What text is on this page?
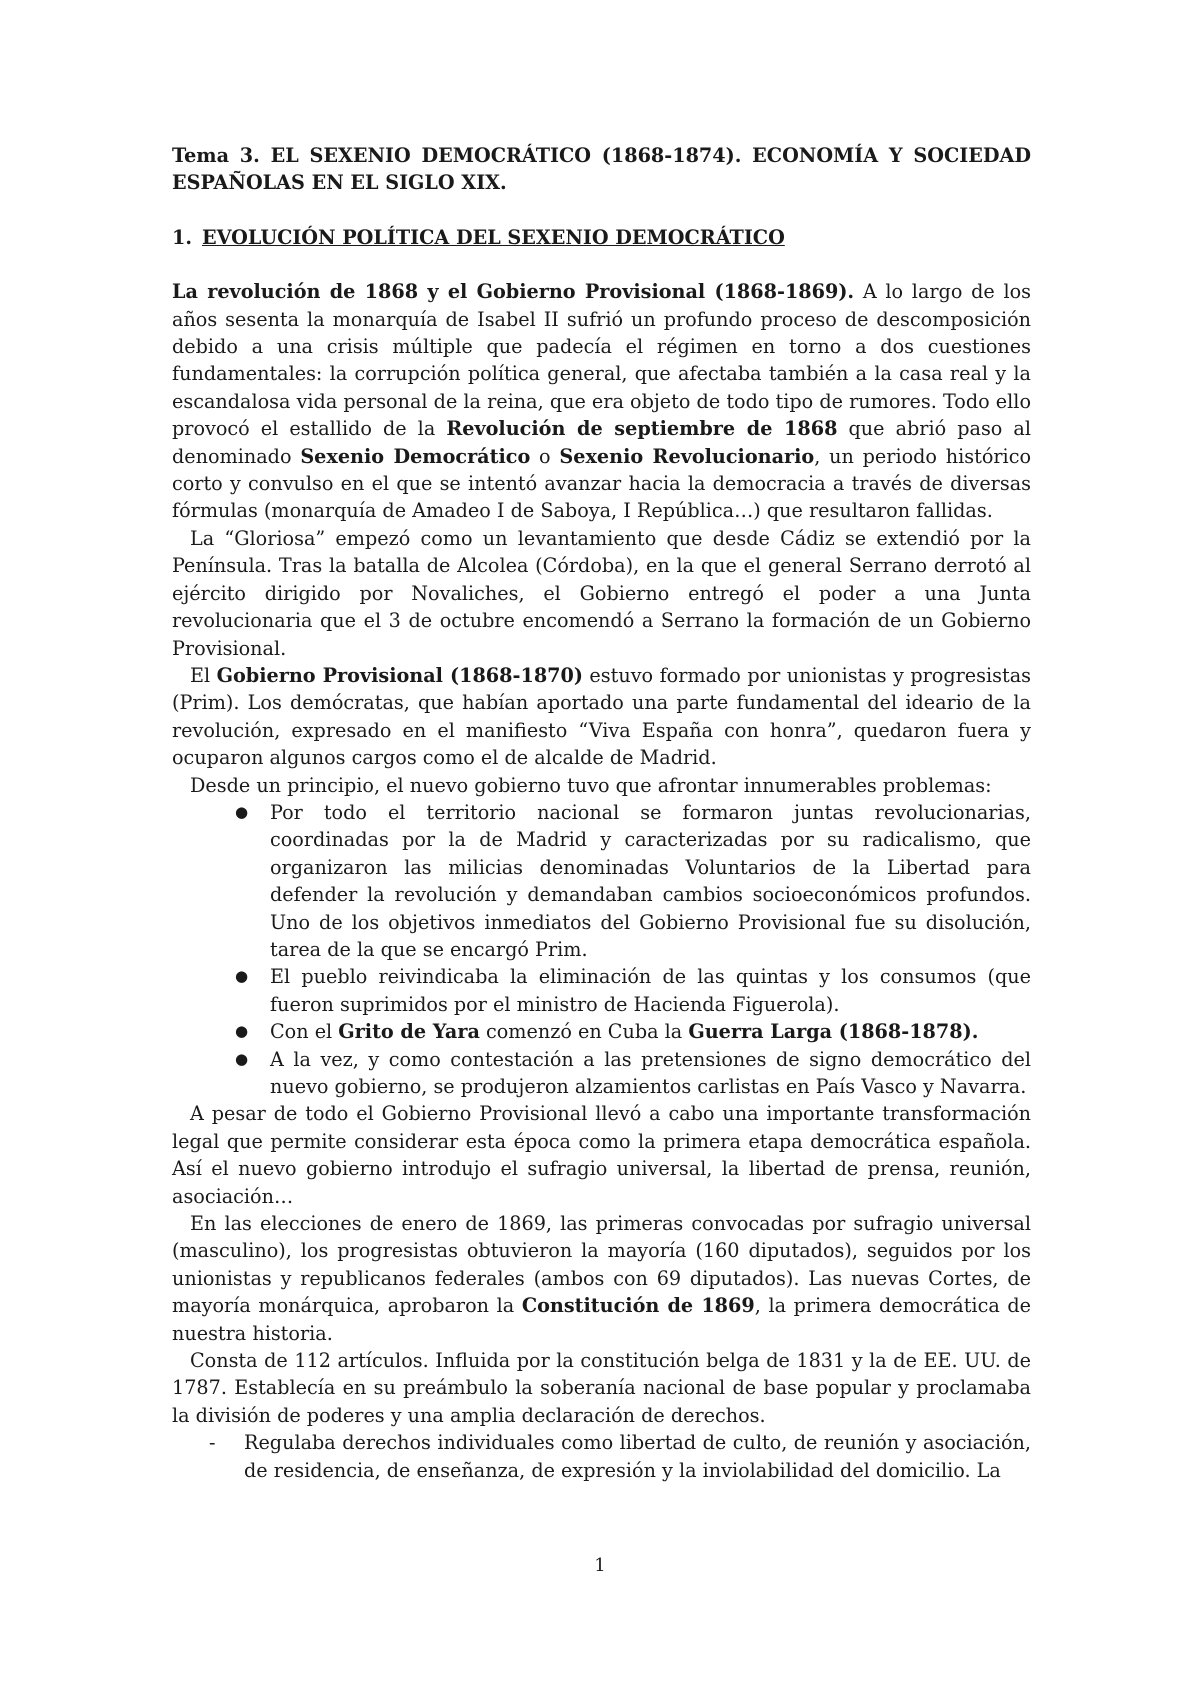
Tema 3. EL SEXENIO DEMOCRÁTICO (1868-1874). ECONOMÍA Y SOCIEDAD ESPAÑOLAS EN EL SIGLO XIX.

1. EVOLUCIÓN POLÍTICA DEL SEXENIO DEMOCRÁTICO

La revolución de 1868 y el Gobierno Provisional (1868-1869). A lo largo de los años sesenta la monarquía de Isabel II sufrió un profundo proceso de descomposición debido a una crisis múltiple que padecía el régimen en torno a dos cuestiones fundamentales: la corrupción política general, que afectaba también a la casa real y la escandalosa vida personal de la reina, que era objeto de todo tipo de rumores. Todo ello provocó el estallido de la Revolución de septiembre de 1868 que abrió paso al denominado Sexenio Democrático o Sexenio Revolucionario, un periodo histórico corto y convulso en el que se intentó avanzar hacia la democracia a través de diversas fórmulas (monarquía de Amadeo I de Saboya, I República…) que resultaron fallidas.

La “Gloriosa” empezó como un levantamiento que desde Cádiz se extendió por la Península. Tras la batalla de Alcolea (Córdoba), en la que el general Serrano derrotó al ejército dirigido por Novaliches, el Gobierno entregó el poder a una Junta revolucionaria que el 3 de octubre encomendó a Serrano la formación de un Gobierno Provisional.

El Gobierno Provisional (1868-1870) estuvo formado por unionistas y progresistas (Prim). Los demócratas, que habían aportado una parte fundamental del ideario de la revolución, expresado en el manifiesto “Viva España con honra”, quedaron fuera y ocuparon algunos cargos como el de alcalde de Madrid.

Desde un principio, el nuevo gobierno tuvo que afrontar innumerables problemas:

● Por todo el territorio nacional se formaron juntas revolucionarias, coordinadas por la de Madrid y caracterizadas por su radicalismo, que organizaron las milicias denominadas Voluntarios de la Libertad para defender la revolución y demandaban cambios socioeconómicos profundos. Uno de los objetivos inmediatos del Gobierno Provisional fue su disolución, tarea de la que se encargó Prim.
● El pueblo reivindicaba la eliminación de las quintas y los consumos (que fueron suprimidos por el ministro de Hacienda Figuerola).
● Con el Grito de Yara comenzó en Cuba la Guerra Larga (1868-1878).
● A la vez, y como contestación a las pretensiones de signo democrático del nuevo gobierno, se produjeron alzamientos carlistas en País Vasco y Navarra.

A pesar de todo el Gobierno Provisional llevó a cabo una importante transformación legal que permite considerar esta época como la primera etapa democrática española. Así el nuevo gobierno introdujo el sufragio universal, la libertad de prensa, reunión, asociación…

En las elecciones de enero de 1869, las primeras convocadas por sufragio universal (masculino), los progresistas obtuvieron la mayoría (160 diputados), seguidos por los unionistas y republicanos federales (ambos con 69 diputados). Las nuevas Cortes, de mayoría monárquica, aprobaron la Constitución de 1869, la primera democrática de nuestra historia.

Consta de 112 artículos. Influida por la constitución belga de 1831 y la de EE. UU. de 1787. Establecía en su preámbulo la soberanía nacional de base popular y proclamaba la división de poderes y una amplia declaración de derechos.

- Regulaba derechos individuales como libertad de culto, de reunión y asociación, de residencia, de enseñanza, de expresión y la inviolabilidad del domicilio. La
1
